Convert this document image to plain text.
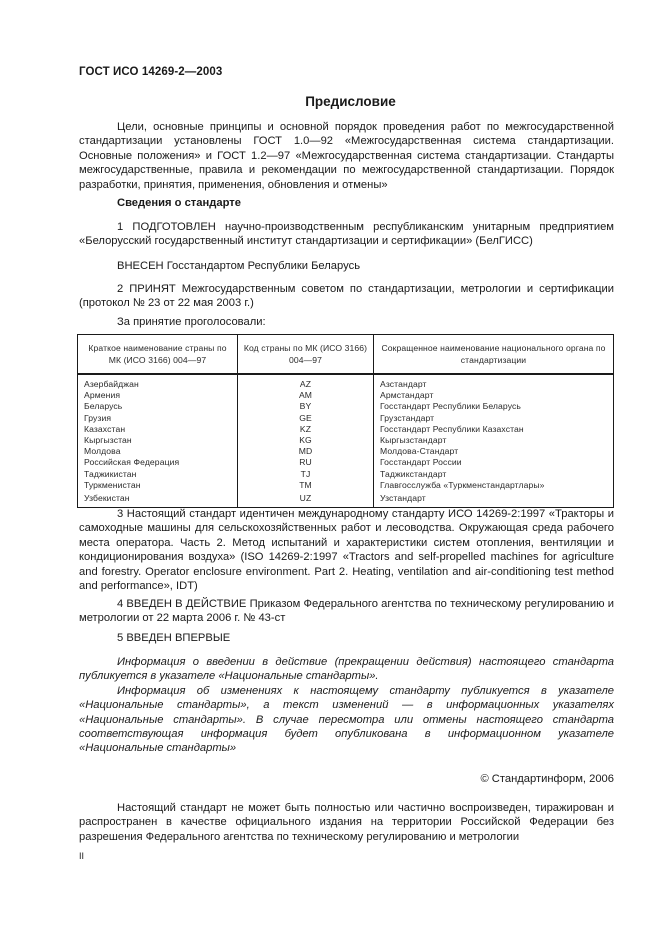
ГОСТ ИСО 14269-2—2003
Предисловие

Цели, основные принципы и основной порядок проведения работ по межгосударственной стандартизации установлены ГОСТ 1.0—92 «Межгосударственная система стандартизации. Основные положения» и ГОСТ 1.2—97 «Межгосударственная система стандартизации. Стандарты межгосударственные, правила и рекомендации по межгосударственной стандартизации. Порядок разработки, принятия, применения, обновления и отмены»

Сведения о стандарте

1 ПОДГОТОВЛЕН научно-производственным республиканским унитарным предприятием «Белорусский государственный институт стандартизации и сертификации» (БелГИСС)

ВНЕСЕН Госстандартом Республики Беларусь

2 ПРИНЯТ Межгосударственным советом по стандартизации, метрологии и сертификации (протокол № 23 от 22 мая 2003 г.)

За принятие проголосовали:

Краткое наименование страны по МК (ИСО 3166) 004—97	Код страны по МК (ИСО 3166) 004—97	Сокращенное наименование национального органа по стандартизации
Азербайджан	AZ	Азстандарт
Армения	AM	Армстандарт
Беларусь	BY	Госстандарт Республики Беларусь
Грузия	GE	Грузстандарт
Казахстан	KZ	Госстандарт Республики Казахстан
Кыргызстан	KG	Кыргызстандарт
Молдова	MD	Молдова-Стандарт
Российская Федерация	RU	Госстандарт России
Таджикистан	TJ	Таджикстандарт
Туркменистан	TM	Главгосслужба «Туркменстандартлары»
Узбекистан	UZ	Узстандарт

3 Настоящий стандарт идентичен международному стандарту ИСО 14269-2:1997 «Тракторы и самоходные машины для сельскохозяйственных работ и лесоводства. Окружающая среда рабочего места оператора. Часть 2. Метод испытаний и характеристики систем отопления, вентиляции и кондиционирования воздуха» (ISO 14269-2:1997 «Tractors and self-propelled machines for agriculture and forestry. Operator enclosure environment. Part 2. Heating, ventilation and air-conditioning test method and performance», IDT)

4 ВВЕДЕН В ДЕЙСТВИЕ Приказом Федерального агентства по техническому регулированию и метрологии от 22 марта 2006 г. № 43-ст

5 ВВЕДЕН ВПЕРВЫЕ

Информация о введении в действие (прекращении действия) настоящего стандарта публикуется в указателе «Национальные стандарты».

Информация об изменениях к настоящему стандарту публикуется в указателе «Национальные стандарты», а текст изменений — в информационных указателях «Национальные стандарты». В случае пересмотра или отмены настоящего стандарта соответствующая информация будет опубликована в информационном указателе «Национальные стандарты»

© Стандартинформ, 2006

Настоящий стандарт не может быть полностью или частично воспроизведен, тиражирован и распространен в качестве официального издания на территории Российской Федерации без разрешения Федерального агентства по техническому регулированию и метрологии

II
